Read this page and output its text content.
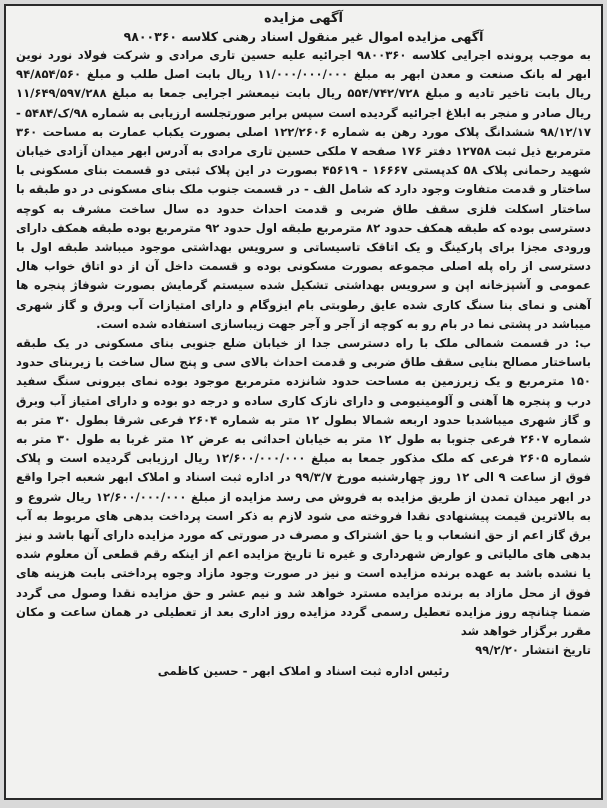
آگهی مزایده
آگهی مزایده اموال غیر منقول اسناد رهنی کلاسه ۹۸۰۰۳۶۰

به موجب پرونده اجرایی کلاسه ۹۸۰۰۳۶۰ اجرائیه علیه حسین تاری مرادی و شرکت فولاد نورد نوین ابهر له بانک صنعت و معدن ابهر به مبلغ ۱۱/۰۰۰/۰۰۰/۰۰۰ ریال بابت اصل طلب و مبلغ ۹۴/۸۵۴/۵۶۰ ریال بابت تاخیر تادیه و مبلغ ۵۵۴/۷۴۲/۷۲۸ ریال بابت نیمعشر اجرایی جمعا به مبلغ ۱۱/۶۴۹/۵۹۷/۲۸۸ ریال صادر و منجر به ابلاغ اجرائیه گردیده است سپس برابر صورتجلسه ارزیابی به شماره ۹۸/ک/۵۴۸۴ - ۹۸/۱۲/۱۷ ششدانگ پلاک مورد رهن به شماره ۱۲۲/۲۶۰۶ اصلی بصورت یکباب عمارت به مساحت ۳۶۰ مترمربع ذیل ثبت ۱۲۷۵۸ دفتر ۱۷۶ صفحه ۷ ملکی حسین تاری مرادی به آدرس ابهر میدان آزادی خیابان شهید رحمانی پلاک ۵۸ کدپستی ۱۶۶۶۷ - ۴۵۶۱۹ بصورت در این پلاک ثبتی دو قسمت بنای مسکونی با ساختار و قدمت متفاوت وجود دارد که شامل الف - در قسمت جنوب ملک بنای مسکونی در دو طبقه با ساختار اسکلت فلزی سقف طاق ضربی و قدمت احداث حدود ده سال ساخت مشرف به کوچه دسترسی بوده که طبقه همکف حدود ۸۲ مترمربع طبقه اول حدود ۹۲ مترمربع بوده طبقه همکف دارای ورودی مجزا برای پارکینگ و یک اتاقک تاسیساتی و سرویس بهداشتی موجود میباشد طبقه اول با دسترسی از راه پله اصلی مجموعه بصورت مسکونی بوده و قسمت داخل آن از دو اتاق خواب هال عمومی و آشپزخانه اپن و سرویس بهداشتی تشکیل شده سیستم گرمایش بصورت شوفاژ پنجره ها آهنی و نمای بنا سنگ کاری شده عایق رطوبتی بام ایزوگام و دارای امتیازات آب وبرق و گاز شهری میباشد در پشتی نما در بام رو به کوچه از آجر و آجر جهت زیباسازی استفاده شده است.

ب: در قسمت شمالی ملک با راه دسترسی جدا از خیابان ضلع جنوبی بنای مسکونی در یک طبقه باساختار مصالح بنایی سقف طاق ضربی و قدمت احداث بالای سی و پنج سال ساخت با زیربنای حدود ۱۵۰ مترمربع و یک زیرزمین به مساحت حدود شانزده مترمربع موجود بوده نمای بیرونی سنگ سفید درب و پنجره ها آهنی و آلومینیومی و دارای نازک کاری ساده و درجه دو بوده و دارای امتیاز آب وبرق و گاز شهری میباشدبا حدود اربعه شمالا بطول ۱۲ متر به شماره ۲۶۰۴ فرعی شرقا بطول ۳۰ متر به شماره ۲۶۰۷ فرعی جنوبا به طول ۱۲ متر به خیابان احداثی به عرض ۱۲ متر غربا به طول ۳۰ متر به شماره ۲۶۰۵ فرعی که ملک مذکور جمعا به مبلغ ۱۲/۶۰۰/۰۰۰/۰۰۰ ریال ارزیابی گردیده است و پلاک فوق از ساعت ۹ الی ۱۲ روز چهارشنبه مورخ ۹۹/۳/۷ در اداره ثبت اسناد و املاک ابهر شعبه اجرا واقع در ابهر میدان تمدن از طریق مزایده به فروش می رسد مزایده از مبلغ ۱۲/۶۰۰/۰۰۰/۰۰۰ ریال شروع و به بالاترین قیمت پیشنهادی نقدا فروخته می شود لازم به ذکر است پرداخت بدهی های مربوط به آب برق گاز اعم از حق انشعاب و یا حق اشتراک و مصرف در صورتی که مورد مزایده دارای آنها باشد و نیز بدهی های مالیاتی و عوارض شهرداری و غیره تا تاریخ مزایده اعم از اینکه رقم قطعی آن معلوم شده یا نشده باشد به عهده برنده مزایده است و نیز در صورت وجود مازاد وجوه پرداختی بابت هزینه های فوق از محل مازاد به برنده مزایده مسترد خواهد شد و نیم عشر و حق مزایده نقدا وصول می گردد ضمنا چنانچه روز مزایده تعطیل رسمی گردد مزایده روز اداری بعد از تعطیلی در همان ساعت و مکان مقرر برگزار خواهد شد

تاریخ انتشار ۹۹/۲/۲۰
رئیس اداره ثبت اسناد و املاک ابهر - حسین کاظمی
